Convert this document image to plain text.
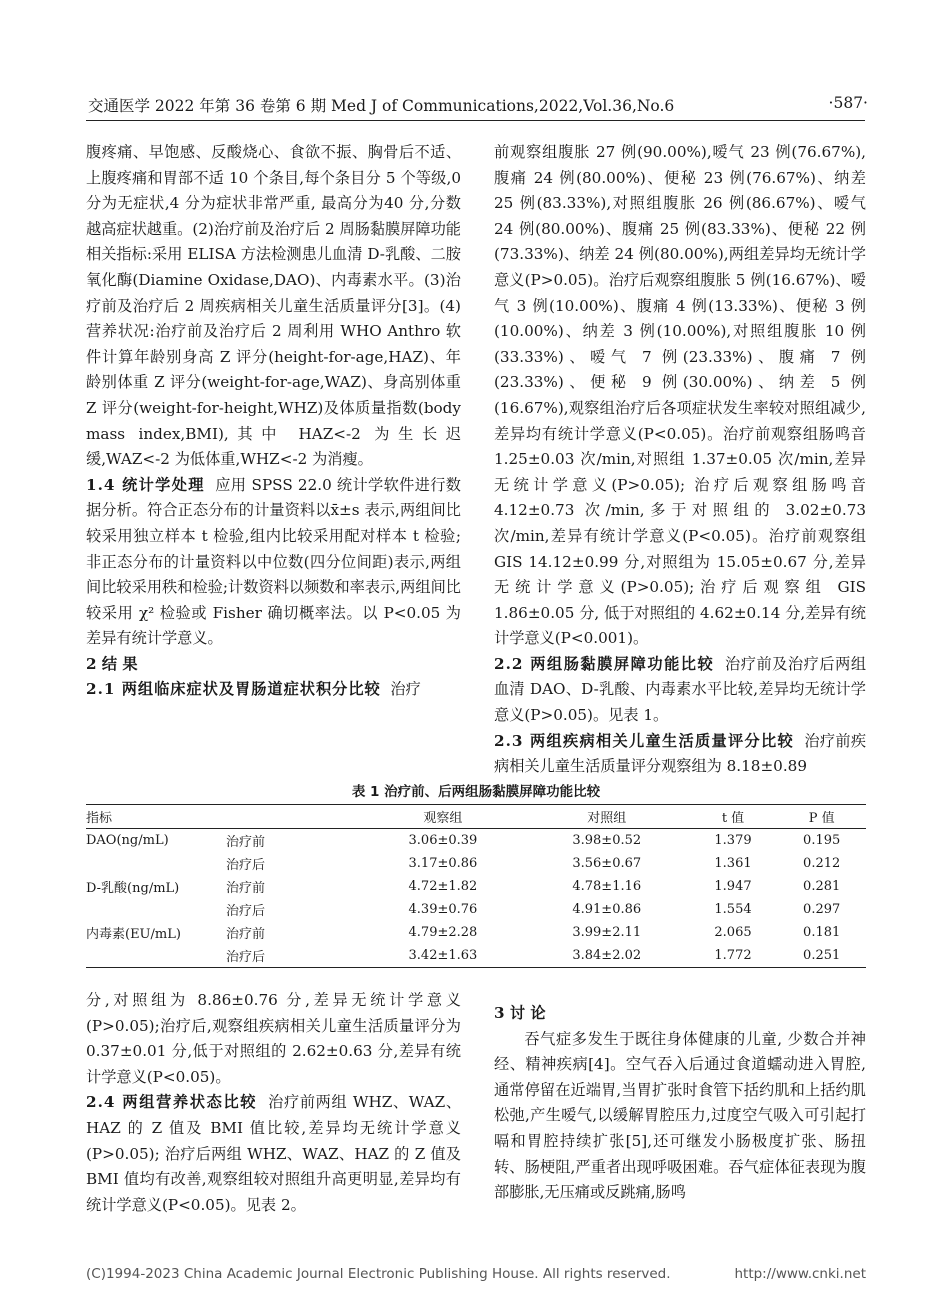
交通医学 2022 年第 36 卷第 6 期 Med J of Communications,2022,Vol.36,No.6	·587·

腹疼痛、早饱感、反酸烧心、食欲不振、胸骨后不适、上腹疼痛和胃部不适 10 个条目,每个条目分 5 个等级,0 分为无症状,4 分为症状非常严重, 最高分为40 分,分数越高症状越重。(2)治疗前及治疗后 2 周肠黏膜屏障功能相关指标:采用 ELISA 方法检测患儿血清 D-乳酸、二胺氧化酶(Diamine Oxidase,DAO)、内毒素水平。(3)治疗前及治疗后 2 周疾病相关儿童生活质量评分[3]。(4)营养状况:治疗前及治疗后 2 周利用 WHO Anthro 软件计算年龄别身高 Z 评分(height-for-age,HAZ)、年龄别体重 Z 评分(weight-for-age,WAZ)、身高别体重 Z 评分(weight-for-height,WHZ)及体质量指数(body mass index,BMI),其中 HAZ<-2 为生长迟缓,WAZ<-2 为低体重,WHZ<-2 为消瘦。

1.4 统计学处理 应用 SPSS 22.0 统计学软件进行数据分析。符合正态分布的计量资料以x̄±s 表示,两组间比较采用独立样本 t 检验,组内比较采用配对样本 t 检验;非正态分布的计量资料以中位数(四分位间距)表示,两组间比较采用秩和检验;计数资料以频数和率表示,两组间比较采用 χ² 检验或 Fisher 确切概率法。以 P<0.05 为差异有统计学意义。

2 结 果

2.1 两组临床症状及胃肠道症状积分比较 治疗

前观察组腹胀 27 例(90.00%),嗳气 23 例(76.67%),腹痛 24 例(80.00%)、便秘 23 例(76.67%)、纳差 25 例(83.33%),对照组腹胀 26 例(86.67%)、嗳气 24 例(80.00%)、腹痛 25 例(83.33%)、便秘 22 例(73.33%)、纳差 24 例(80.00%),两组差异均无统计学意义(P>0.05)。治疗后观察组腹胀 5 例(16.67%)、嗳气 3 例(10.00%)、腹痛 4 例(13.33%)、便秘 3 例(10.00%)、纳差 3 例(10.00%),对照组腹胀 10 例(33.33%)、嗳气 7 例(23.33%)、腹痛 7 例(23.33%)、便秘 9 例(30.00%)、纳差 5 例(16.67%),观察组治疗后各项症状发生率较对照组减少, 差异均有统计学意义(P<0.05)。治疗前观察组肠鸣音 1.25±0.03 次/min,对照组 1.37±0.05 次/min,差异无统计学意义(P>0.05); 治疗后观察组肠鸣音 4.12±0.73 次/min,多于对照组的 3.02±0.73 次/min,差异有统计学意义(P<0.05)。治疗前观察组 GIS 14.12±0.99 分,对照组为 15.05±0.67 分,差异无统计学意义(P>0.05);治疗后观察组 GIS 1.86±0.05 分, 低于对照组的 4.62±0.14 分,差异有统计学意义(P<0.001)。

2.2 两组肠黏膜屏障功能比较 治疗前及治疗后两组血清 DAO、D-乳酸、内毒素水平比较,差异均无统计学意义(P>0.05)。见表 1。

2.3 两组疾病相关儿童生活质量评分比较 治疗前疾病相关儿童生活质量评分观察组为 8.18±0.89

表 1 治疗前、后两组肠黏膜屏障功能比较
指标		观察组	对照组	t 值	P 值
DAO(ng/mL)	治疗前	3.06±0.39	3.98±0.52	1.379	0.195
	治疗后	3.17±0.86	3.56±0.67	1.361	0.212
D-乳酸(ng/mL)	治疗前	4.72±1.82	4.78±1.16	1.947	0.281
	治疗后	4.39±0.76	4.91±0.86	1.554	0.297
内毒素(EU/mL)	治疗前	4.79±2.28	3.99±2.11	2.065	0.181
	治疗后	3.42±1.63	3.84±2.02	1.772	0.251

分,对照组为 8.86±0.76 分,差异无统计学意义(P>0.05);治疗后,观察组疾病相关儿童生活质量评分为 0.37±0.01 分,低于对照组的 2.62±0.63 分,差异有统计学意义(P<0.05)。

2.4 两组营养状态比较 治疗前两组 WHZ、WAZ、HAZ 的 Z 值及 BMI 值比较,差异均无统计学意义(P>0.05); 治疗后两组 WHZ、WAZ、HAZ 的 Z 值及BMI 值均有改善,观察组较对照组升高更明显,差异均有统计学意义(P<0.05)。见表 2。

3 讨 论

吞气症多发生于既往身体健康的儿童, 少数合并神经、精神疾病[4]。空气吞入后通过食道蠕动进入胃腔,通常停留在近端胃,当胃扩张时食管下括约肌和上括约肌松弛,产生嗳气,以缓解胃腔压力,过度空气吸入可引起打嗝和胃腔持续扩张[5],还可继发小肠极度扩张、肠扭转、肠梗阻,严重者出现呼吸困难。吞气症体征表现为腹部膨胀,无压痛或反跳痛,肠鸣

(C)1994-2023 China Academic Journal Electronic Publishing House. All rights reserved.	http://www.cnki.net
